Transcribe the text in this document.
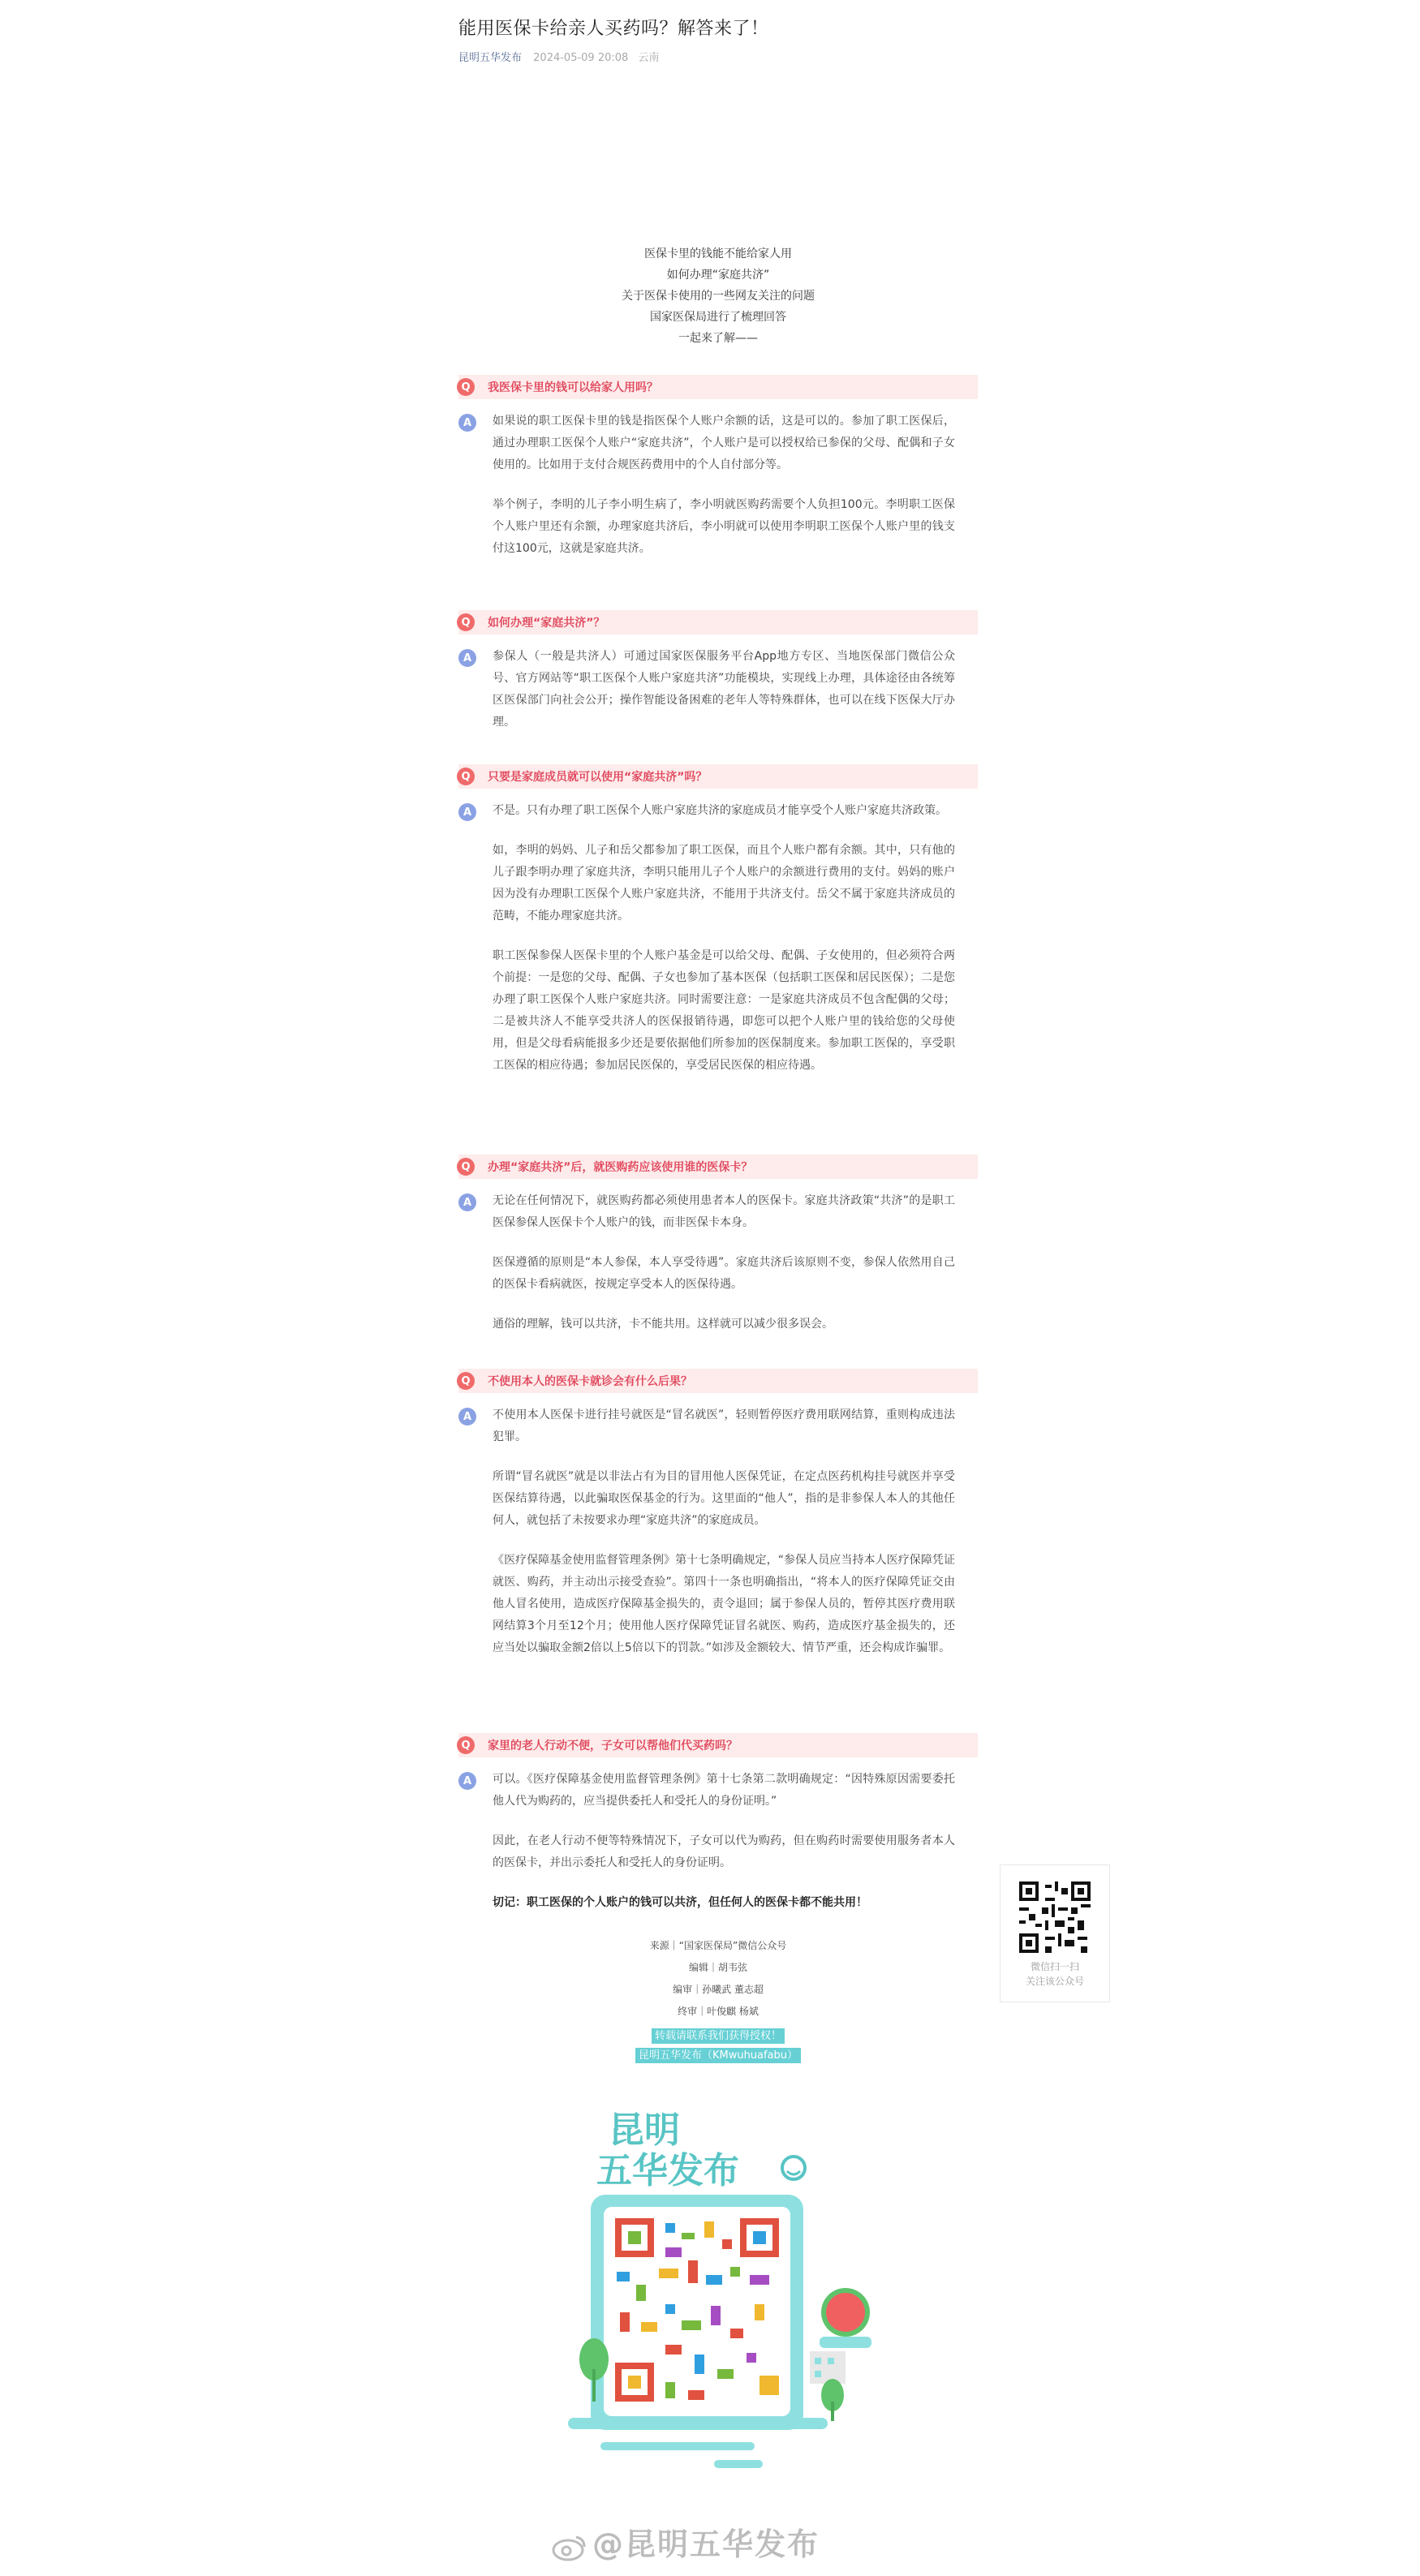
能用医保卡给亲人买药吗？解答来了！
昆明五华发布 2024-05-09 20:08 云南
医保卡里的钱能不能给家人用
如何办理“家庭共济”
关于医保卡使用的一些网友关注的问题
国家医保局进行了梳理回答
一起来了解——
Q	我医保卡里的钱可以给家人用吗？
A	如果说的职工医保卡里的钱是指医保个人账户余额的话，这是可以的。参加了职工医保后，通过办理职工医保个人账户“家庭共济”，个人账户是可以授权给已参保的父母、配偶和子女使用的。比如用于支付合规医药费用中的个人自付部分等。

举个例子，李明的儿子李小明生病了，李小明就医购药需要个人负担100元。李明职工医保个人账户里还有余额，办理家庭共济后，李小明就可以使用李明职工医保个人账户里的钱支付这100元，这就是家庭共济。

Q	如何办理“家庭共济”？
A	参保人（一般是共济人）可通过国家医保服务平台App地方专区、当地医保部门微信公众号、官方网站等“职工医保个人账户家庭共济”功能模块，实现线上办理，具体途径由各统筹区医保部门向社会公开；操作智能设备困难的老年人等特殊群体，也可以在线下医保大厅办理。

Q	只要是家庭成员就可以使用“家庭共济”吗？
A	不是。只有办理了职工医保个人账户家庭共济的家庭成员才能享受个人账户家庭共济政策。

如，李明的妈妈、儿子和岳父都参加了职工医保，而且个人账户都有余额。其中，只有他的儿子跟李明办理了家庭共济，李明只能用儿子个人账户的余额进行费用的支付。妈妈的账户因为没有办理职工医保个人账户家庭共济，不能用于共济支付。岳父不属于家庭共济成员的范畴，不能办理家庭共济。

职工医保参保人医保卡里的个人账户基金是可以给父母、配偶、子女使用的，但必须符合两个前提：一是您的父母、配偶、子女也参加了基本医保（包括职工医保和居民医保）；二是您办理了职工医保个人账户家庭共济。同时需要注意：一是家庭共济成员不包含配偶的父母；二是被共济人不能享受共济人的医保报销待遇，即您可以把个人账户里的钱给您的父母使用，但是父母看病能报多少还是要依据他们所参加的医保制度来。参加职工医保的，享受职工医保的相应待遇；参加居民医保的，享受居民医保的相应待遇。

Q	办理“家庭共济”后，就医购药应该使用谁的医保卡？
A	无论在任何情况下，就医购药都必须使用患者本人的医保卡。家庭共济政策“共济”的是职工医保参保人医保卡个人账户的钱，而非医保卡本身。

医保遵循的原则是“本人参保，本人享受待遇”。家庭共济后该原则不变，参保人依然用自己的医保卡看病就医，按规定享受本人的医保待遇。

通俗的理解，钱可以共济，卡不能共用。这样就可以减少很多误会。

Q	不使用本人的医保卡就诊会有什么后果？
A	不使用本人医保卡进行挂号就医是“冒名就医”，轻则暂停医疗费用联网结算，重则构成违法犯罪。

所谓“冒名就医”就是以非法占有为目的冒用他人医保凭证，在定点医药机构挂号就医并享受医保结算待遇，以此骗取医保基金的行为。这里面的“他人”，指的是非参保人本人的其他任何人，就包括了未按要求办理“家庭共济”的家庭成员。

《医疗保障基金使用监督管理条例》第十七条明确规定，“参保人员应当持本人医疗保障凭证就医、购药，并主动出示接受查验”。第四十一条也明确指出，“将本人的医疗保障凭证交由他人冒名使用，造成医疗保障基金损失的，责令退回；属于参保人员的，暂停其医疗费用联网结算3个月至12个月；使用他人医疗保障凭证冒名就医、购药，造成医疗基金损失的，还应当处以骗取金额2倍以上5倍以下的罚款。”如涉及金额较大、情节严重，还会构成诈骗罪。

Q	家里的老人行动不便，子女可以帮他们代买药吗？
A	可以。《医疗保障基金使用监督管理条例》第十七条第二款明确规定：“因特殊原因需要委托他人代为购药的，应当提供委托人和受托人的身份证明。”

因此，在老人行动不便等特殊情况下，子女可以代为购药，但在购药时需要使用服务者本人的医保卡，并出示委托人和受托人的身份证明。

切记：职工医保的个人账户的钱可以共济，但任何人的医保卡都不能共用！

来源｜“国家医保局”微信公众号
编辑｜胡韦弦
编审｜孙曦武 董志超
终审｜叶俊麒 杨斌
转载请联系我们获得授权！
昆明五华发布（KMwuhuafabu）
微信扫一扫
关注该公众号
昆明
五华发布
@昆明五华发布
